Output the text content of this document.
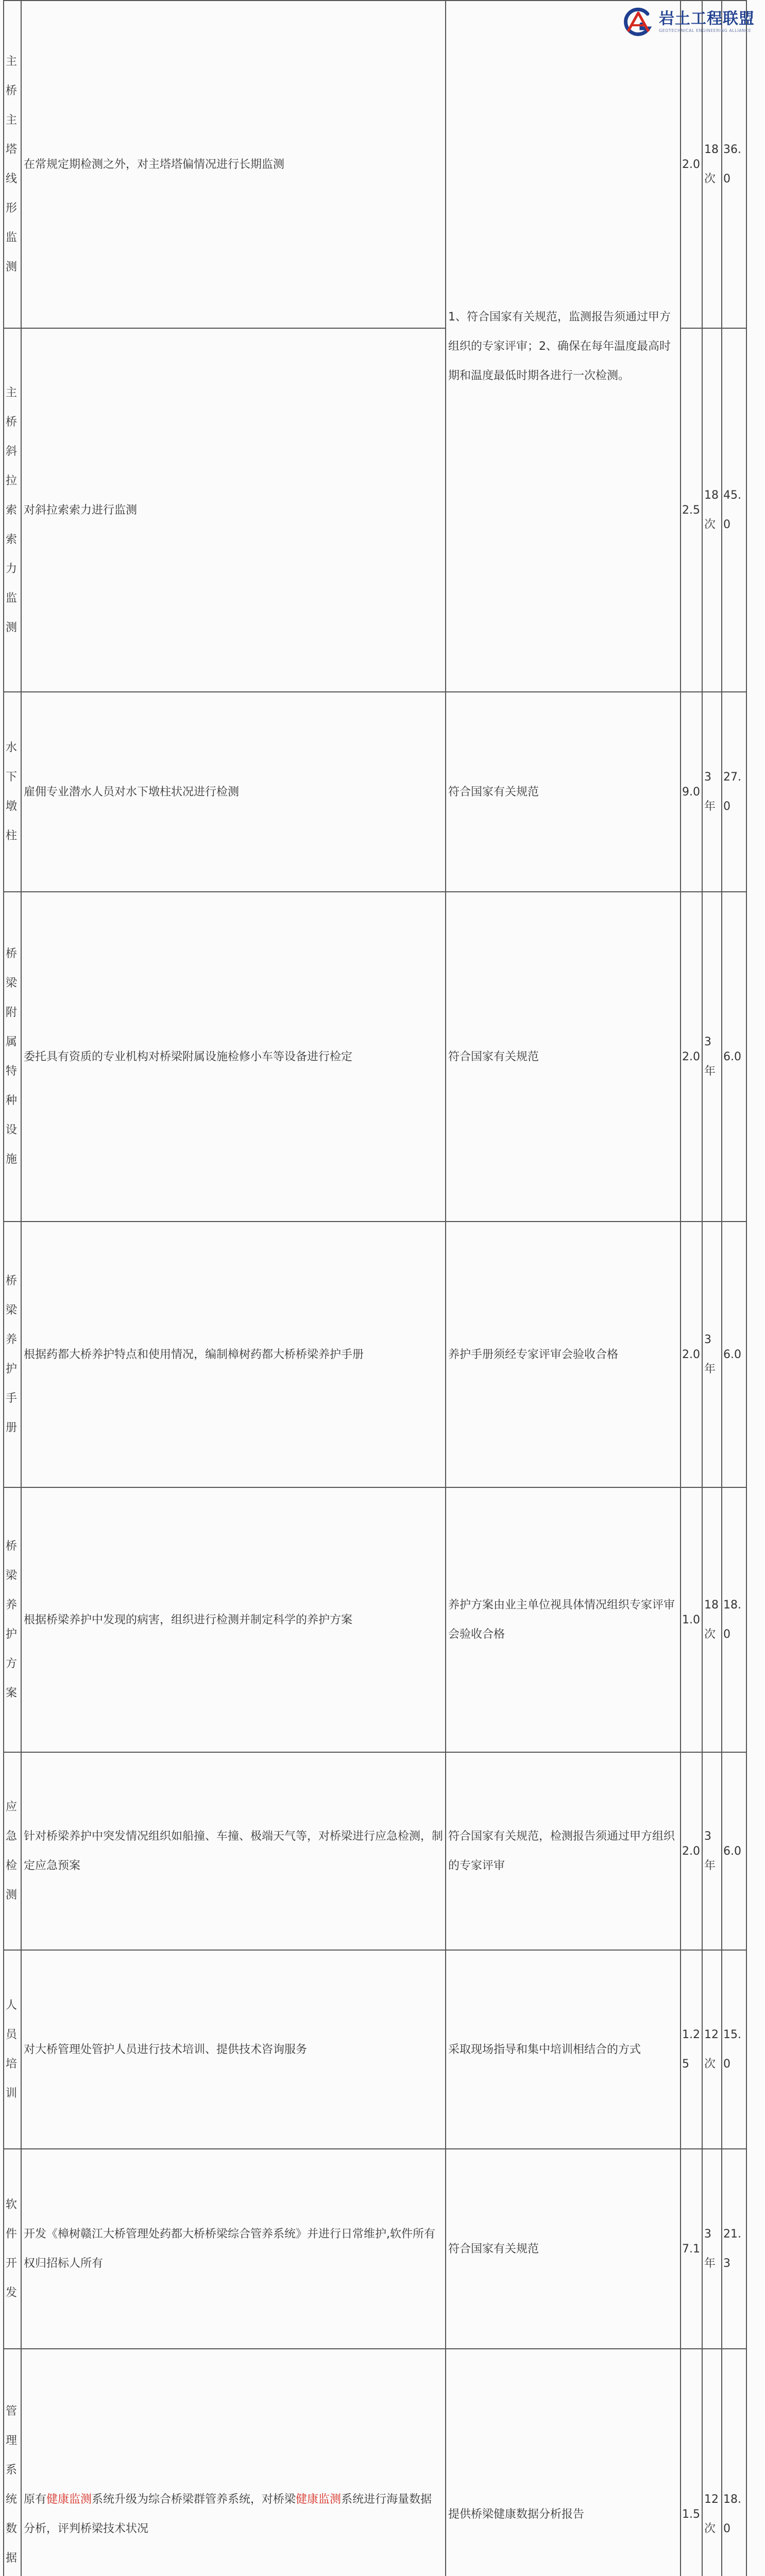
主桥主塔线形监测	在常规定期检测之外，对主塔塔偏情况进行长期监测	1、符合国家有关规范，监测报告须通过甲方组织的专家评审；2、确保在每年温度最高时期和温度最低时期各进行一次检测。	2.0	18次	36.0

主桥斜拉索索力监测	对斜拉索索力进行监测		2.5	18次	45.0

水下墩柱	雇佣专业潜水人员对水下墩柱状况进行检测	符合国家有关规范	9.0	3年	27.0

桥梁附属特种设施	委托具有资质的专业机构对桥梁附属设施检修小车等设备进行检定	符合国家有关规范	2.0	3年	6.0

桥梁养护手册	根据药都大桥养护特点和使用情况，编制樟树药都大桥桥梁养护手册	养护手册须经专家评审会验收合格	2.0	3年	6.0

桥梁养护方案	根据桥梁养护中发现的病害，组织进行检测并制定科学的养护方案	养护方案由业主单位视具体情况组织专家评审会验收合格	1.0	18次	18.0

应急检测	针对桥梁养护中突发情况组织如船撞、车撞、极端天气等，对桥梁进行应急检测，制定应急预案	符合国家有关规范，检测报告须通过甲方组织的专家评审	2.0	3年	6.0

人员培训	对大桥管理处管护人员进行技术培训、提供技术咨询服务	采取现场指导和集中培训相结合的方式	1.25	12次	15.0

软件开发	开发《樟树赣江大桥管理处药都大桥桥梁综合管养系统》并进行日常维护,软件所有权归招标人所有	符合国家有关规范	7.1	3年	21.3

管理系统数据	原有健康监测系统升级为综合桥梁群管养系统，对桥梁健康监测系统进行海量数据分析，评判桥梁技术状况	提供桥梁健康数据分析报告	1.5	12次	18.0

岩土工程联盟
GEOTECHNICAL ENGINEERING ALLIANCE
